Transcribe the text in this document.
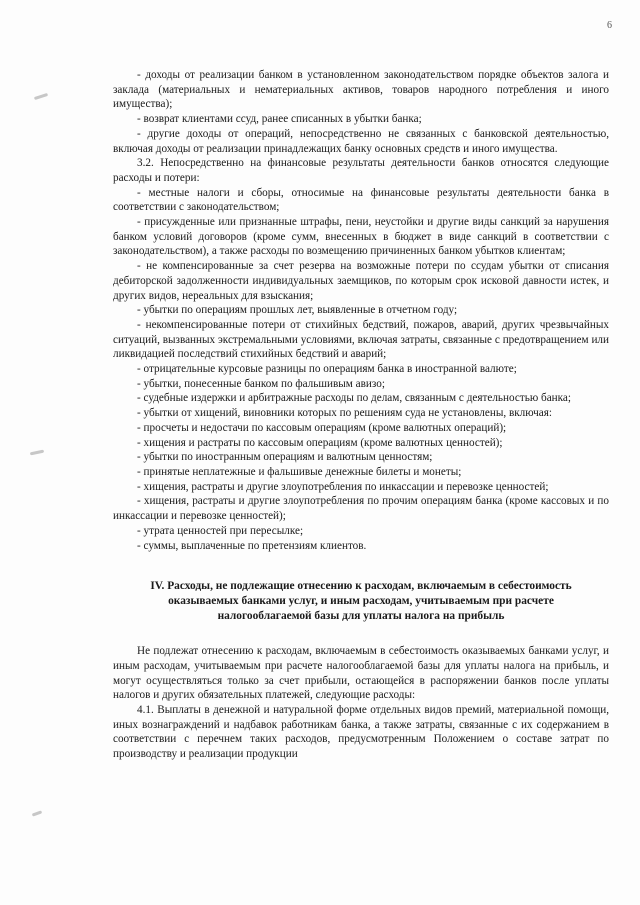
6

- доходы от реализации банком в установленном законодательством порядке объектов залога и заклада (материальных и нематериальных активов, товаров народного потребления и иного имущества);

- возврат клиентами ссуд, ранее списанных в убытки банка;

- другие доходы от операций, непосредственно не связанных с банковской деятельностью, включая доходы от реализации принадлежащих банку основных средств и иного имущества.

3.2. Непосредственно на финансовые результаты деятельности банков относятся следующие расходы и потери:

- местные налоги и сборы, относимые на финансовые результаты деятельности банка в соответствии с законодательством;

- присужденные или признанные штрафы, пени, неустойки и другие виды санкций за нарушения банком условий договоров (кроме сумм, внесенных в бюджет в виде санкций в соответствии с законодательством), а также расходы по возмещению причиненных банком убытков клиентам;

- не компенсированные за счет резерва на возможные потери по ссудам убытки от списания дебиторской задолженности индивидуальных заемщиков, по которым срок исковой давности истек, и других видов, нереальных для взыскания;

- убытки по операциям прошлых лет, выявленные в отчетном году;

- некомпенсированные потери от стихийных бедствий, пожаров, аварий, других чрезвычайных ситуаций, вызванных экстремальными условиями, включая затраты, связанные с предотвращением или ликвидацией последствий стихийных бедствий и аварий;

- отрицательные курсовые разницы по операциям банка в иностранной валюте;

- убытки, понесенные банком по фальшивым авизо;

- судебные издержки и арбитражные расходы по делам, связанным с деятельностью банка;

- убытки от хищений, виновники которых по решениям суда не установлены, включая:

- просчеты и недостачи по кассовым операциям (кроме валютных операций);

- хищения и растраты по кассовым операциям (кроме валютных ценностей);

- убытки по иностранным операциям и валютным ценностям;

- принятые неплатежные и фальшивые денежные билеты и монеты;

- хищения, растраты и другие злоупотребления по инкассации и перевозке ценностей;

- хищения, растраты и другие злоупотребления по прочим операциям банка (кроме кассовых и по инкассации и перевозке ценностей);

- утрата ценностей при пересылке;

- суммы, выплаченные по претензиям клиентов.

IV. Расходы, не подлежащие отнесению к расходам, включаемым в себестоимость
оказываемых банками услуг, и иным расходам, учитываемым при расчете
налогооблагаемой базы для уплаты налога на прибыль

Не подлежат отнесению к расходам, включаемым в себестоимость оказываемых банками услуг, и иным расходам, учитываемым при расчете налогооблагаемой базы для уплаты налога на прибыль, и могут осуществляться только за счет прибыли, остающейся в распоряжении банков после уплаты налогов и других обязательных платежей, следующие расходы:

4.1. Выплаты в денежной и натуральной форме отдельных видов премий, материальной помощи, иных вознаграждений и надбавок работникам банка, а также затраты, связанные с их содержанием в соответствии с перечнем таких расходов, предусмотренным Положением о составе затрат по производству и реализации продукции
